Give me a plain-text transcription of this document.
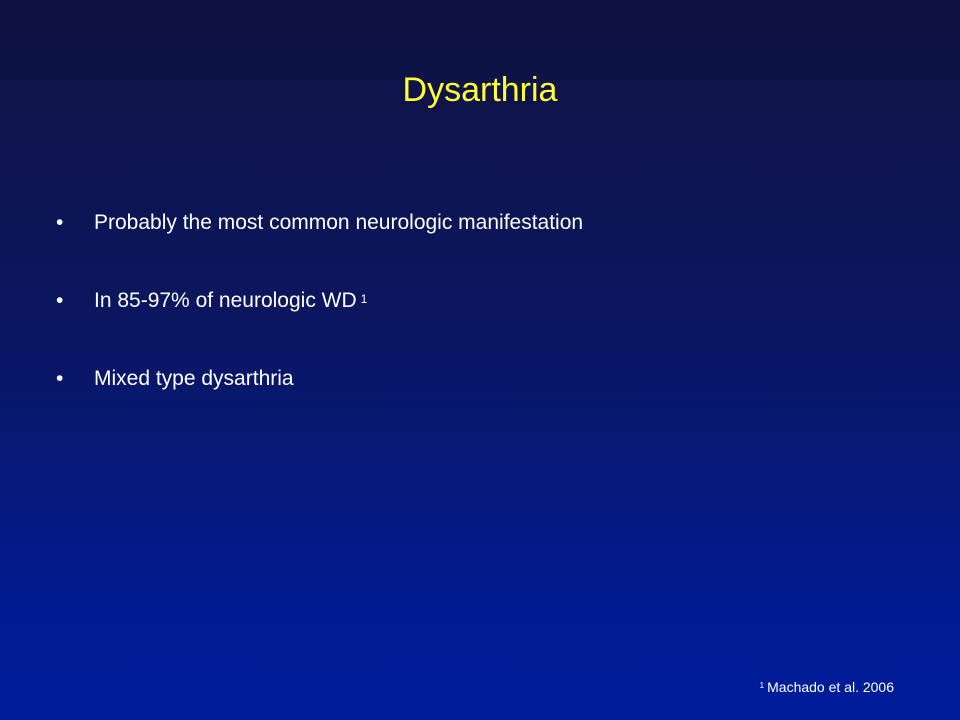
Dysarthria
• Probably the most common neurologic manifestation
• In 85-97% of neurologic WD $^1$
• Mixed type dysarthria
$^1$ Machado et al. 2006
